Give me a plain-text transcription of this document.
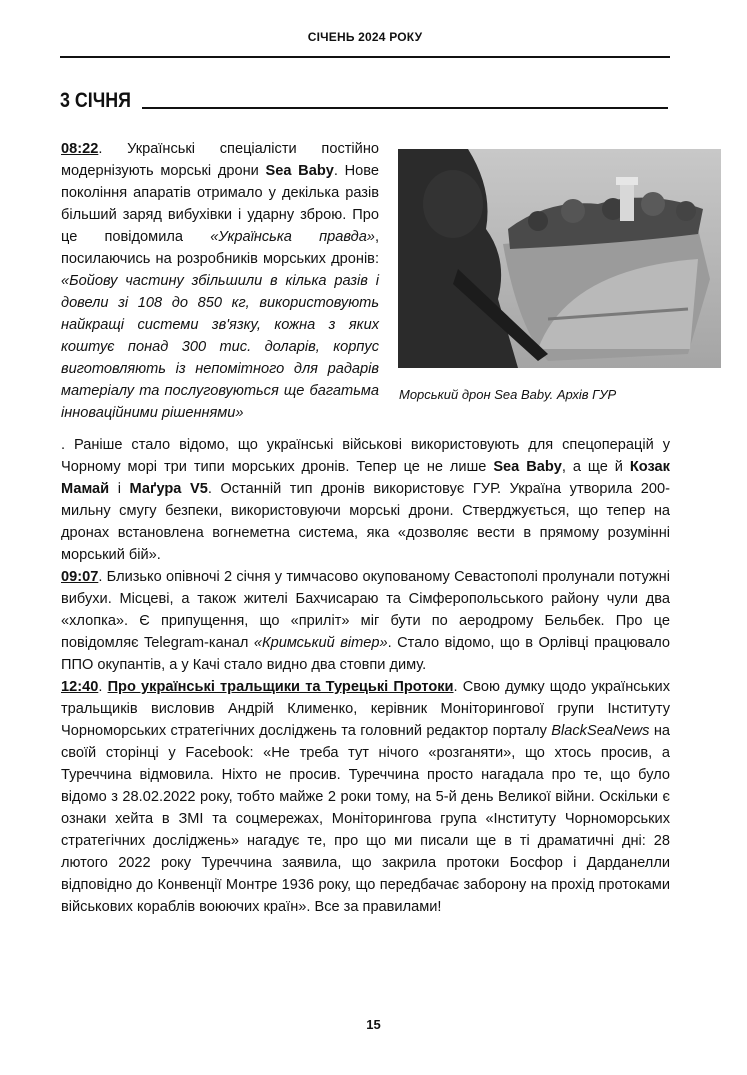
СІЧЕНЬ 2024 РОКУ
3 СІЧНЯ
Морський дрон Sea Baby. Архів ГУР

08:22. Українські спеціалісти постійно модернізують морські дрони Sea Baby. Нове покоління апаратів отримало у декілька разів більший заряд вибухівки і ударну зброю. Про це повідомила «Українська правда», посилаючись на розробників морських дронів: «Бойову частину збільшили в кілька разів і довели зі 108 до 850 кг, використовують найкращі системи зв'язку, кожна з яких коштує понад 300 тис. доларів, корпус виготовляють із непомітного для радарів матеріалу та послуговуються ще багатьма інноваційними рішеннями»

. Раніше стало відомо, що українські військові використовують для спецоперацій у Чорному морі три типи морських дронів. Тепер це не лише Sea Baby, а ще й Козак Мамай і Маґура V5. Останній тип дронів використовує ГУР. Україна утворила 200-мильну смугу безпеки, використовуючи морські дрони. Стверджується, що тепер на дронах встановлена вогнеметна система, яка «дозволяє вести в прямому розумінні морський бій».

09:07. Близько опівночі 2 січня у тимчасово окупованому Севастополі пролунали потужні вибухи. Місцеві, а також жителі Бахчисараю та Сімферопольського району чули два «хлопка». Є припущення, що «приліт» міг бути по аеродрому Бельбек. Про це повідомляє Telegram-канал «Кримський вітер». Стало відомо, що в Орлівці працювало ППО окупантів, а у Качі стало видно два стовпи диму.

12:40. Про українські тральщики та Турецькі Протоки. Свою думку щодо українських тральщиків висловив Андрій Клименко, керівник Моніторингової групи Інституту Чорноморських стратегічних досліджень та головний редактор порталу BlackSeaNews на своїй сторінці у Facebook: «Не треба тут нічого «розганяти», що хтось просив, а Туреччина відмовила. Ніхто не просив. Туреччина просто нагадала про те, що було відомо з 28.02.2022 року, тобто майже 2 роки тому, на 5-й день Великої війни. Оскільки є ознаки хейта в ЗМІ та соцмережах, Моніторингова група «Інституту Чорноморських стратегічних досліджень» нагадує те, про що ми писали ще в ті драматичні дні: 28 лютого 2022 року Туреччина заявила, що закрила протоки Босфор і Дарданелли відповідно до Конвенції Монтре 1936 року, що передбачає заборону на прохід протоками військових кораблів воюючих країн». Все за правилами!

15
